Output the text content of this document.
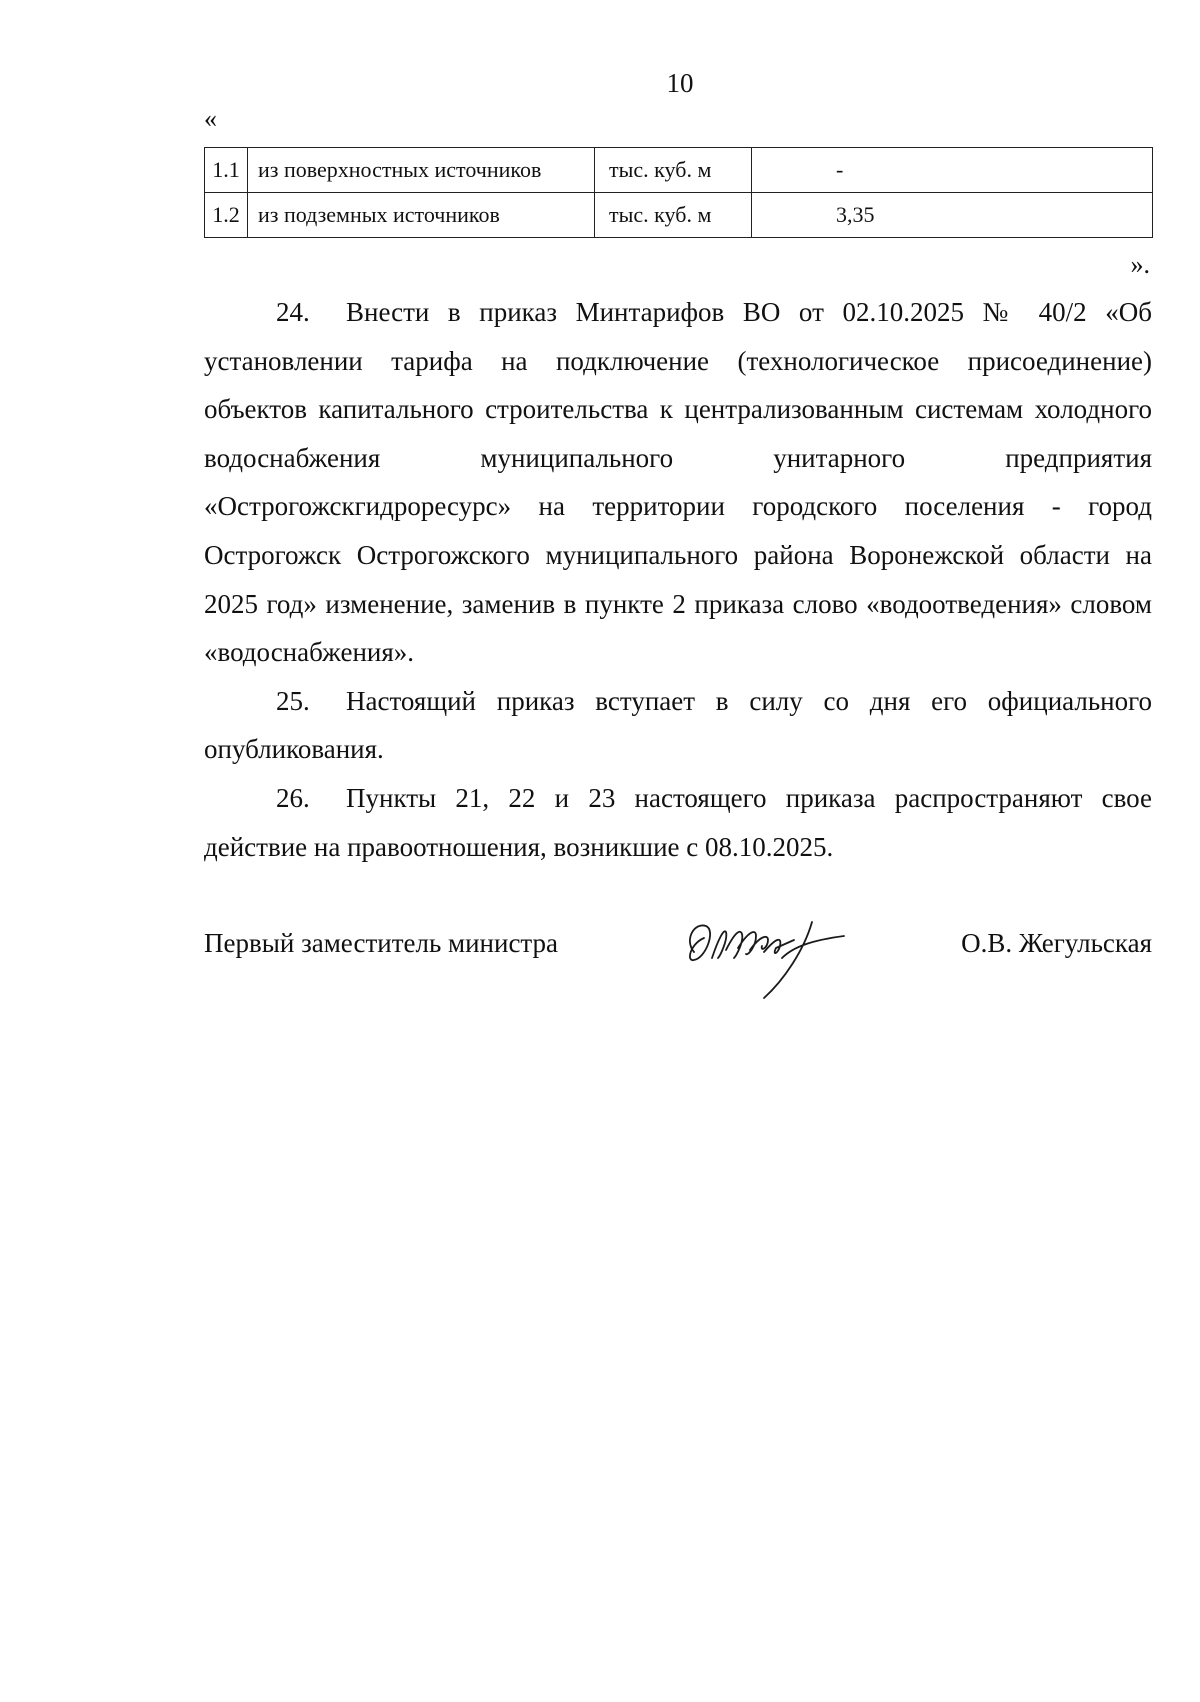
10
«
1.1	из поверхностных источников	тыс. куб. м	-
1.2	из подземных источников	тыс. куб. м	3,35
».

24. Внести в приказ Минтарифов ВО от 02.10.2025 № 40/2 «Об установлении тарифа на подключение (технологическое присоединение) объектов капитального строительства к централизованным системам холодного водоснабжения муниципального унитарного предприятия «Острогожскгидроресурс» на территории городского поселения - город Острогожск Острогожского муниципального района Воронежской области на 2025 год» изменение, заменив в пункте 2 приказа слово «водоотведения» словом «водоснабжения».

25. Настоящий приказ вступает в силу со дня его официального опубликования.

26. Пункты 21, 22 и 23 настоящего приказа распространяют свое действие на правоотношения, возникшие с 08.10.2025.

Первый заместитель министра	О.В. Жегульская
